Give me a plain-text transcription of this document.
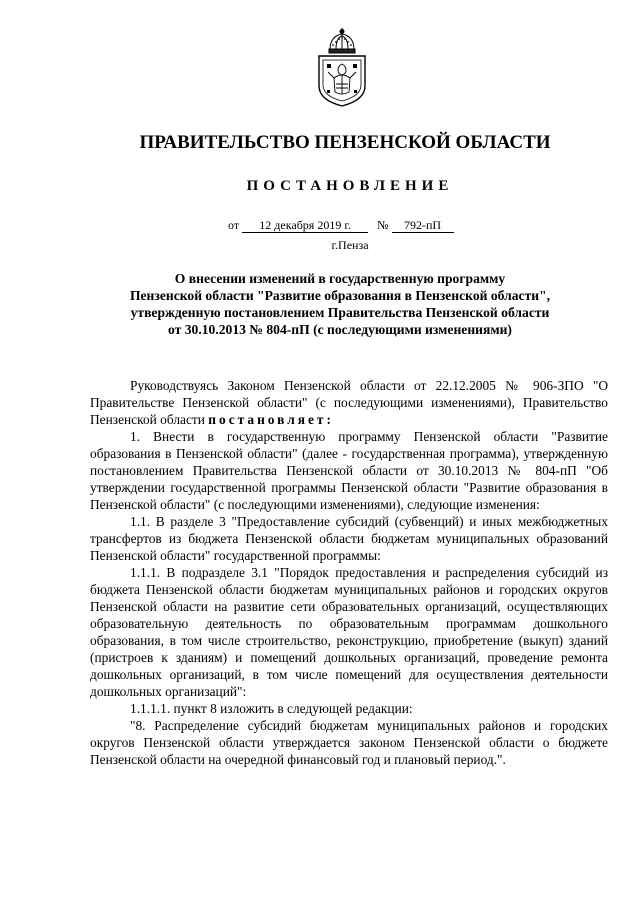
ПРАВИТЕЛЬСТВО ПЕНЗЕНСКОЙ ОБЛАСТИ
ПОСТАНОВЛЕНИЕ
от 12 декабря 2019 г. № 792-пП
г.Пенза
О внесении изменений в государственную программу
Пензенской области "Развитие образования в Пензенской области",
утвержденную постановлением Правительства Пензенской области
от 30.10.2013 № 804-пП (с последующими изменениями)

Руководствуясь Законом Пензенской области от 22.12.2005 № 906-ЗПО "О Правительстве Пензенской области" (с последующими изменениями), Правительство Пензенской области постановляет:

1. Внести в государственную программу Пензенской области "Развитие образования в Пензенской области" (далее - государственная программа), утвержденную постановлением Правительства Пензенской области от 30.10.2013 № 804-пП "Об утверждении государственной программы Пензенской области "Развитие образования в Пензенской области" (с последующими изменениями), следующие изменения:

1.1. В разделе 3 "Предоставление субсидий (субвенций) и иных межбюджетных трансфертов из бюджета Пензенской области бюджетам муниципальных образований Пензенской области" государственной программы:

1.1.1. В подразделе 3.1 "Порядок предоставления и распределения субсидий из бюджета Пензенской области бюджетам муниципальных районов и городских округов Пензенской области на развитие сети образовательных организаций, осуществляющих образовательную деятельность по образовательным программам дошкольного образования, в том числе строительство, реконструкцию, приобретение (выкуп) зданий (пристроев к зданиям) и помещений дошкольных организаций, проведение ремонта дошкольных организаций, в том числе помещений для осуществления деятельности дошкольных организаций":

1.1.1.1. пункт 8 изложить в следующей редакции:

"8. Распределение субсидий бюджетам муниципальных районов и городских округов Пензенской области утверждается законом Пензенской области о бюджете Пензенской области на очередной финансовый год и плановый период.".
